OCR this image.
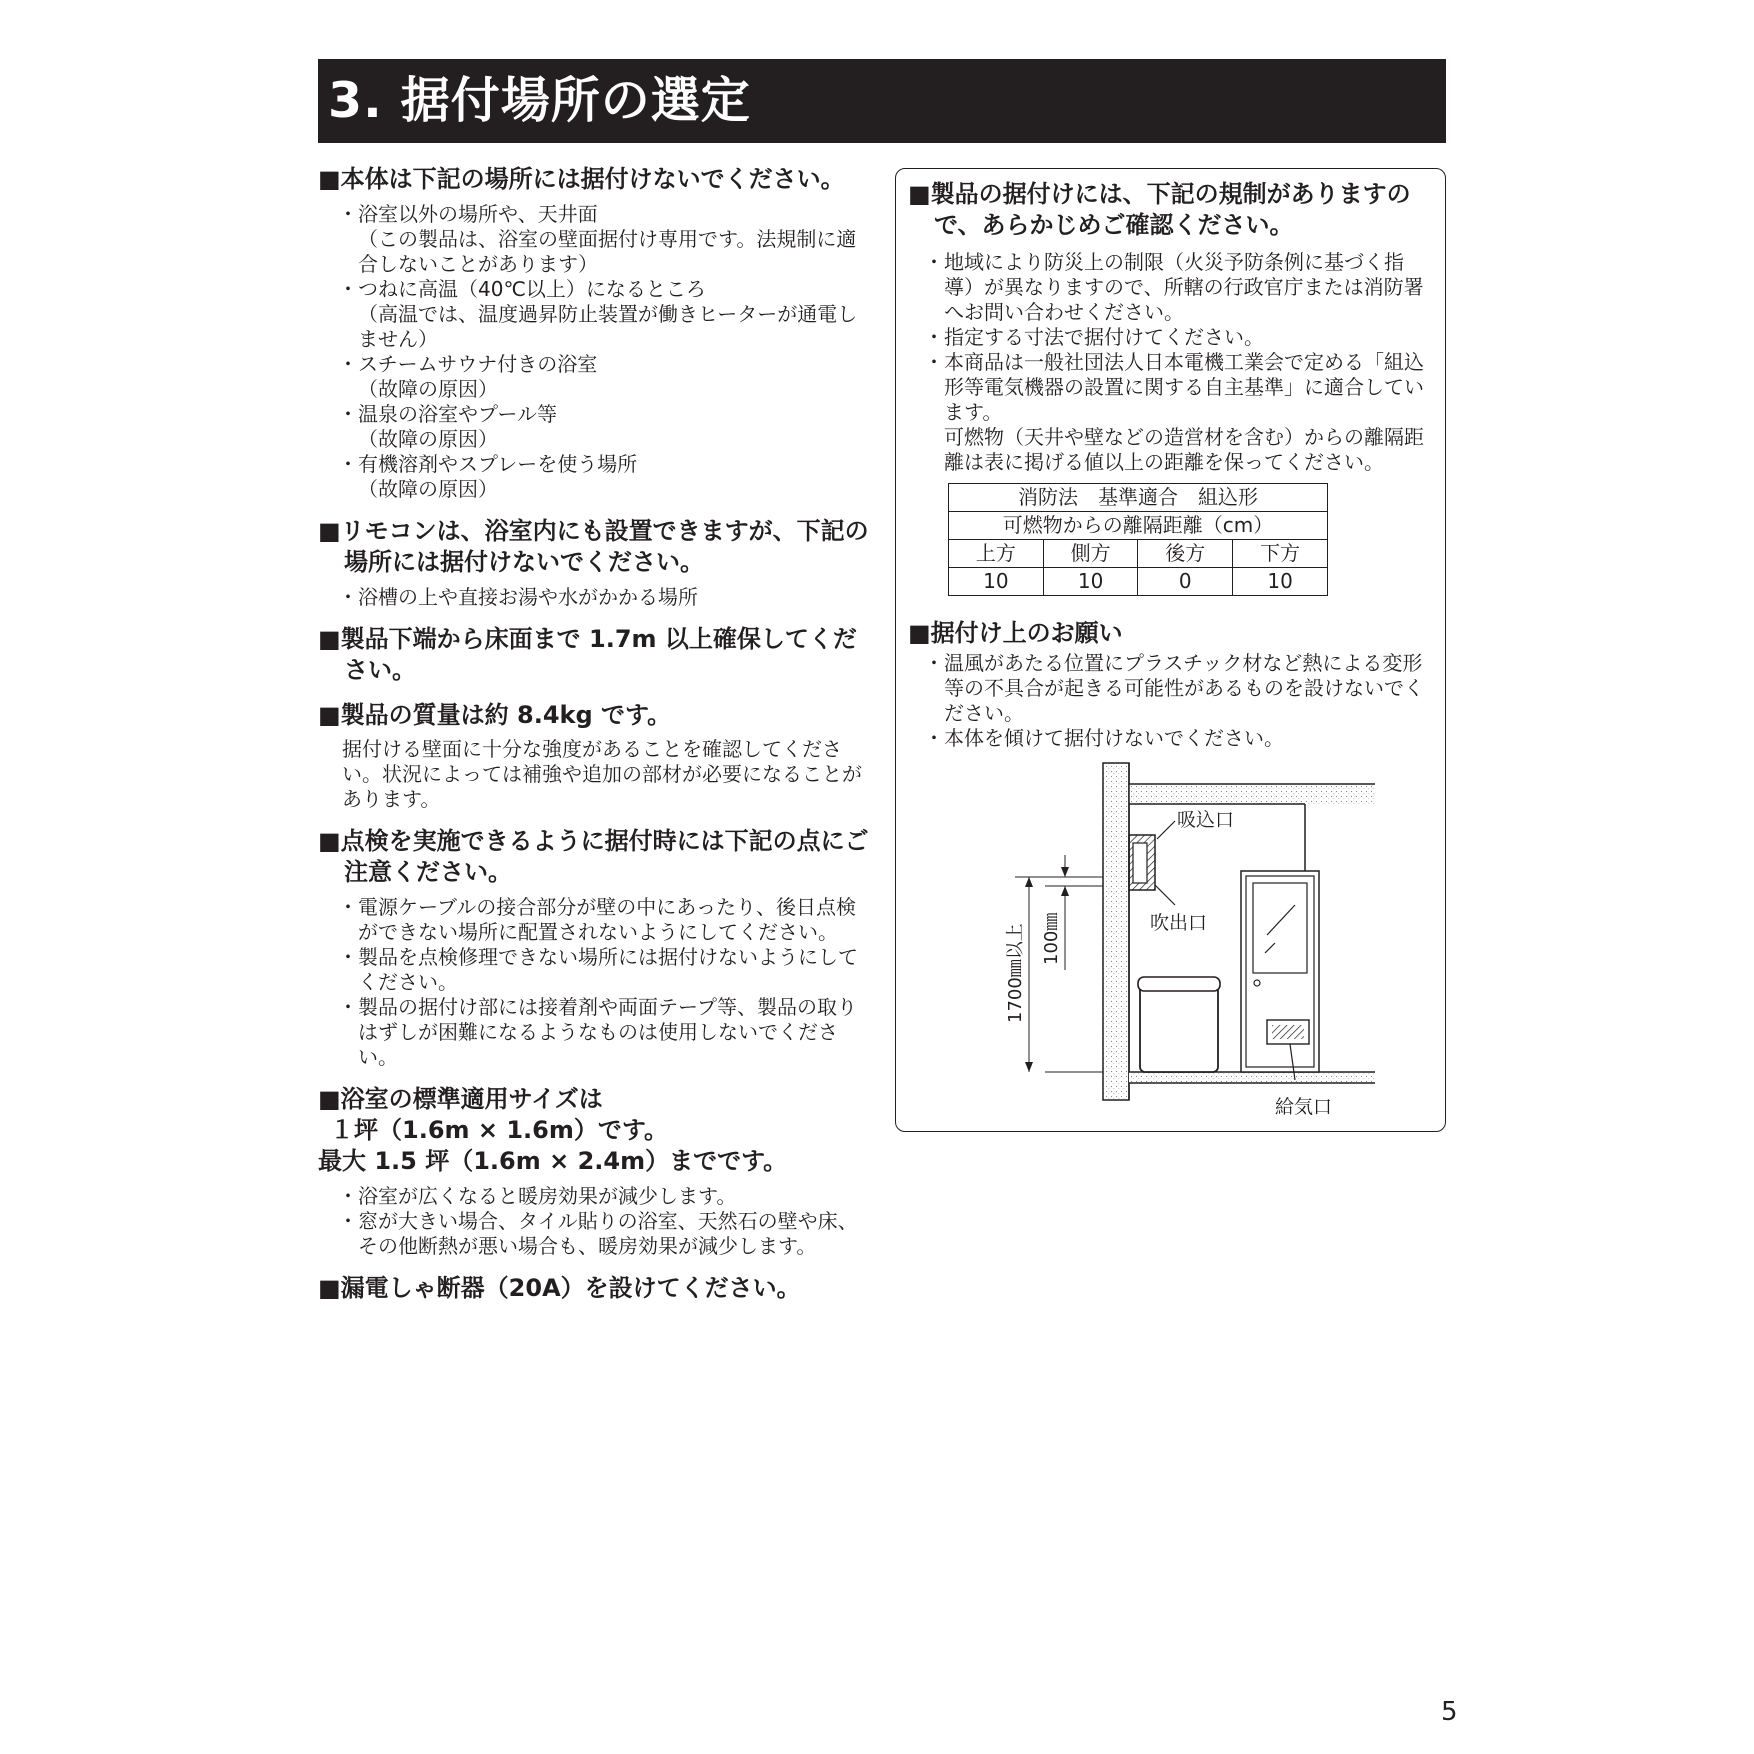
3. 据付場所の選定

■本体は下記の場所には据付けないでください。

・ 浴室以外の場所や、天井面
（この製品は、浴室の壁面据付け専用です。法規制に適合しないことがあります）
・ つねに高温（40℃以上）になるところ
（高温では、温度過昇防止装置が働きヒーターが通電しません）
・ スチームサウナ付きの浴室
（故障の原因）
・ 温泉の浴室やプール等
（故障の原因）
・ 有機溶剤やスプレーを使う場所
（故障の原因）

■リモコンは、浴室内にも設置できますが、下記の場所には据付けないでください。

・ 浴槽の上や直接お湯や水がかかる場所

■製品下端から床面まで 1.7m 以上確保してください。

■製品の質量は約 8.4kg です。

据付ける壁面に十分な強度があることを確認してください。状況によっては補強や追加の部材が必要になることがあります。

■点検を実施できるように据付時には下記の点にご注意ください。

・ 電源ケーブルの接合部分が壁の中にあったり、後日点検ができない場所に配置されないようにしてください。
・ 製品を点検修理できない場所には据付けないようにしてください。
・ 製品の据付け部には接着剤や両面テープ等、製品の取りはずしが困難になるようなものは使用しないでください。
■浴室の標準適用サイズは
１坪（1.6m × 1.6m）です。
最大 1.5 坪（1.6m × 2.4m）までです。
・ 浴室が広くなると暖房効果が減少します。
・ 窓が大きい場合、タイル貼りの浴室、天然石の壁や床、その他断熱が悪い場合も、暖房効果が減少します。

■漏電しゃ断器（20A）を設けてください。

■製品の据付けには、下記の規制がありますので、あらかじめご確認ください。

・ 地域により防災上の制限（火災予防条例に基づく指導）が異なりますので、所轄の行政官庁または消防署へお問い合わせください。
・ 指定する寸法で据付けてください。
・ 本商品は一般社団法人日本電機工業会で定める「組込形等電気機器の設置に関する自主基準」に適合しています。

可燃物（天井や壁などの造営材を含む）からの離隔距離は表に掲げる値以上の距離を保ってください。

消防法　基準適合　組込形			
可燃物からの離隔距離（cm）			
上方	側方	後方	下方
10	10	0	10

■据付け上のお願い

・ 温風があたる位置にプラスチック材など熱による変形等の不具合が起きる可能性があるものを設けないでください。
・ 本体を傾けて据付けないでください。
吸込口
吹出口
給気口
100㎜
1700㎜以上
5
